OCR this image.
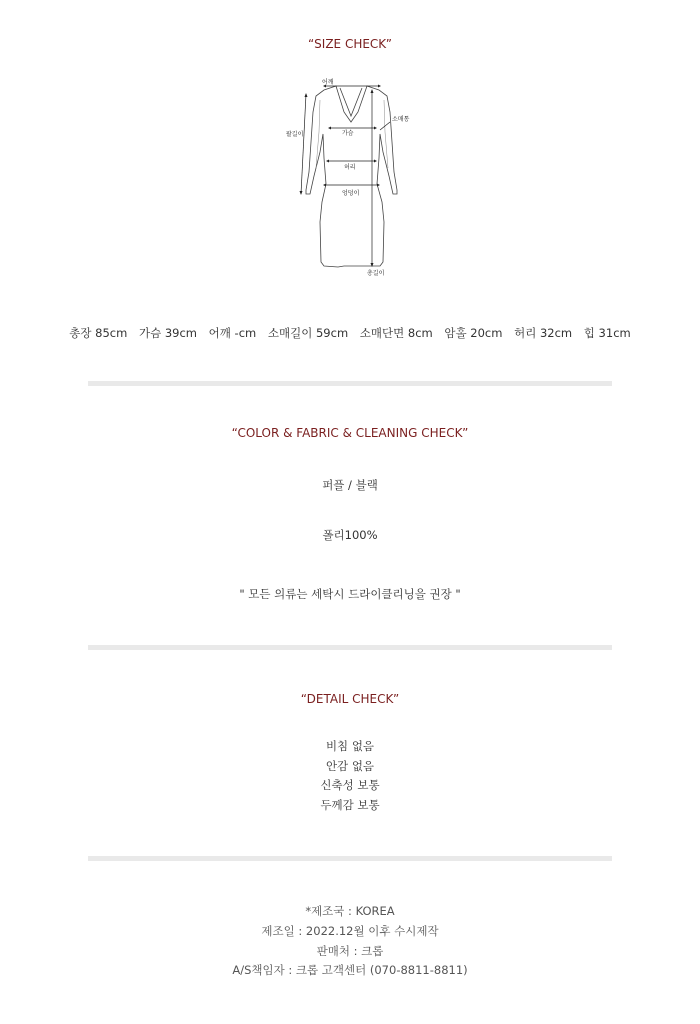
“SIZE CHECK”
어깨
팔길이	가슴
소매통
허리
엉덩이
총길이
총장 85cm 가슴 39cm 어깨 -cm 소매길이 59cm 소매단면 8cm 암홀 20cm 허리 32cm 힙 31cm
“COLOR & FABRIC & CLEANING CHECK”
퍼플 / 블랙
폴리100%
" 모든 의류는 세탁시 드라이클리닝을 권장 "
“DETAIL CHECK”
비침 없음
안감 없음
신축성 보통
두께감 보통
*제조국 : KOREA
제조일 : 2022.12월 이후 수시제작
판매처 : 크롭
A/S책임자 : 크롭 고객센터 (070-8811-8811)
